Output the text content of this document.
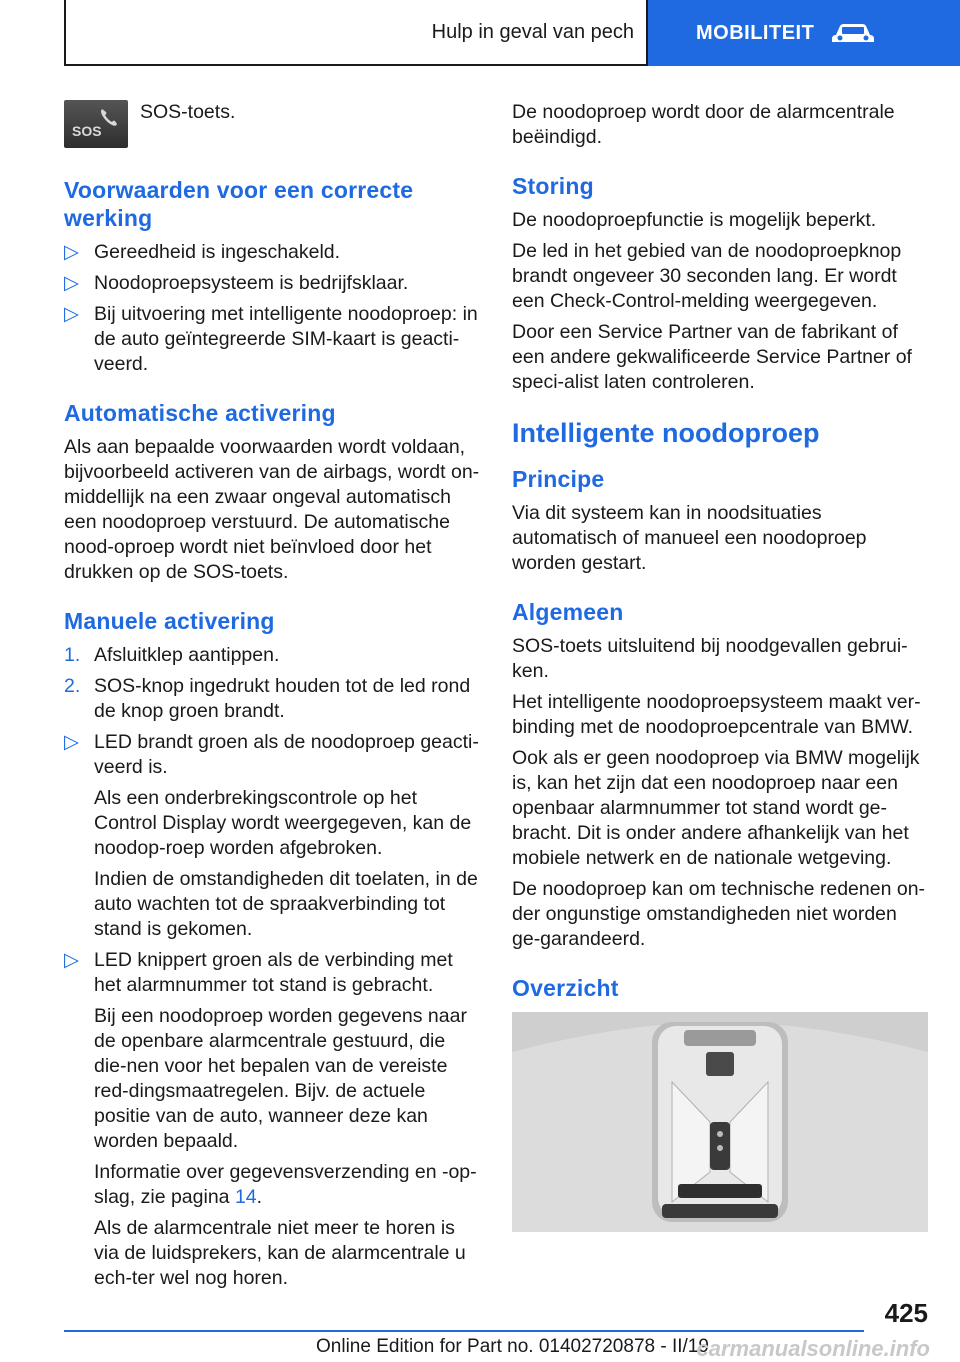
Hulp in geval van pech	MOBILITEIT
SOS
SOS-toets.
Voorwaarden voor een correcte werking
▷ Gereedheid is ingeschakeld.
▷ Noodoproepsysteem is bedrijfsklaar.
▷ Bij uitvoering met intelligente noodoproep: in de auto geïntegreerde SIM-kaart is geacti-veerd.
Automatische activering

Als aan bepaalde voorwaarden wordt voldaan, bijvoorbeeld activeren van de airbags, wordt on-middellijk na een zwaar ongeval automatisch een noodoproep verstuurd. De automatische nood-oproep wordt niet beïnvloed door het drukken op de SOS-toets.

Manuele activering
1. Afsluitklep aantippen.
2. SOS-knop ingedrukt houden tot de led rond de knop groen brandt.
▷ LED brandt groen als de noodoproep geacti-veerd is.

Als een onderbrekingscontrole op het Control Display wordt weergegeven, kan de noodop-roep worden afgebroken.

Indien de omstandigheden dit toelaten, in de auto wachten tot de spraakverbinding tot stand is gekomen.

▷ LED knippert groen als de verbinding met het alarmnummer tot stand is gebracht.

Bij een noodoproep worden gegevens naar de openbare alarmcentrale gestuurd, die die-nen voor het bepalen van de vereiste red-dingsmaatregelen. Bijv. de actuele positie van de auto, wanneer deze kan worden bepaald.

Informatie over gegevensverzending en -op-slag, zie pagina 14.

Als de alarmcentrale niet meer te horen is via de luidsprekers, kan de alarmcentrale u ech-ter wel nog horen.

De noodoproep wordt door de alarmcentrale beëindigd.

Storing

De noodoproepfunctie is mogelijk beperkt.

De led in het gebied van de noodoproepknop brandt ongeveer 30 seconden lang. Er wordt een Check-Control-melding weergegeven.

Door een Service Partner van de fabrikant of een andere gekwalificeerde Service Partner of speci-alist laten controleren.

Intelligente noodoproep
Principe

Via dit systeem kan in noodsituaties automatisch of manueel een noodoproep worden gestart.

Algemeen

SOS-toets uitsluitend bij noodgevallen gebrui-ken.

Het intelligente noodoproepsysteem maakt ver-binding met de noodoproepcentrale van BMW.

Ook als er geen noodoproep via BMW mogelijk is, kan het zijn dat een noodoproep naar een openbaar alarmnummer tot stand wordt ge-bracht. Dit is onder andere afhankelijk van het mobiele netwerk en de nationale wetgeving.

De noodoproep kan om technische redenen on-der ongunstige omstandigheden niet worden ge-garandeerd.

Overzicht
425
Online Edition for Part no. 01402720878 - II/19
carmanualsonline.info
